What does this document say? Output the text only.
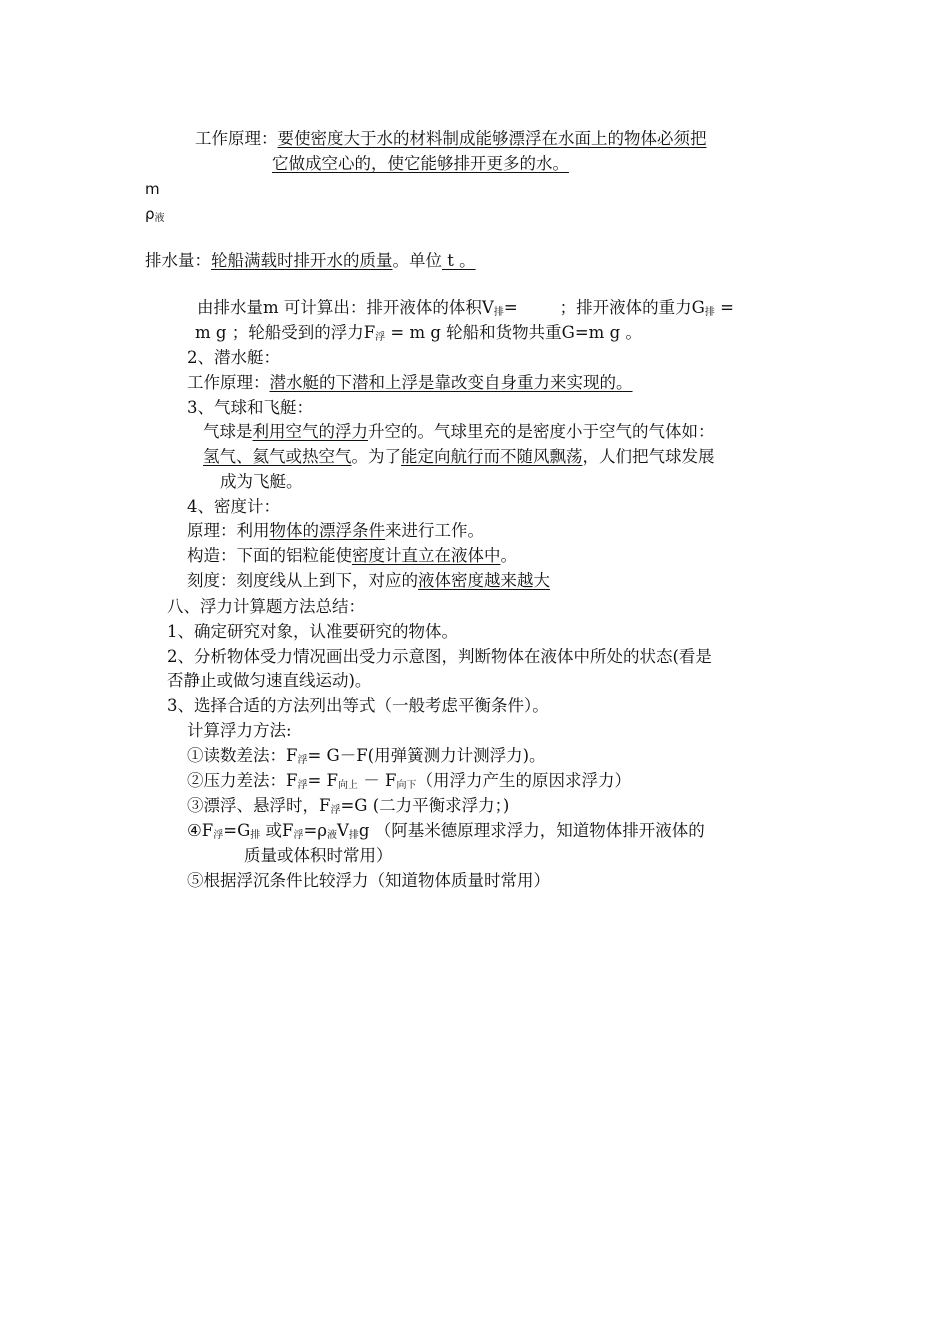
工作原理：要使密度大于水的材料制成能够漂浮在水面上的物体必须把
它做成空心的，使它能够排开更多的水。
m
$\rho_液$
排水量：轮船满载时排开水的质量。单位 t 。
由排水量m 可计算出：排开液体的体积$V_排=$	；排开液体的重力$G_排$ =
m g ；轮船受到的浮力$F_浮 = m$ g 轮船和货物共重G=m g 。
2、潜水艇：
工作原理：潜水艇的下潜和上浮是靠改变自身重力来实现的。
3、气球和飞艇：
气球是利用空气的浮力升空的。气球里充的是密度小于空气的气体如：
氢气、氦气或热空气。为了能定向航行而不随风飘荡，人们把气球发展
成为飞艇。
4、密度计：
原理：利用物体的漂浮条件来进行工作。
构造：下面的铝粒能使密度计直立在液体中。
刻度：刻度线从上到下，对应的液体密度越来越大
八、浮力计算题方法总结：
1、确定研究对象，认准要研究的物体。
2、分析物体受力情况画出受力示意图，判断物体在液体中所处的状态(看是
否静止或做匀速直线运动)。
3、选择合适的方法列出等式（一般考虑平衡条件）。
计算浮力方法:
①读数差法：$F_浮= G-F$(用弹簧测力计测浮力)。
②压力差法：$F_浮= F_{向上} - F_{向下}$（用浮力产生的原因求浮力）
③漂浮、悬浮时，$F_浮=G$ (二力平衡求浮力；)
$④F_浮=G_排$ 或$F_浮=\rho_液V_排g$ （阿基米德原理求浮力，知道物体排开液体的
质量或体积时常用）
⑤根据浮沉条件比较浮力（知道物体质量时常用）
